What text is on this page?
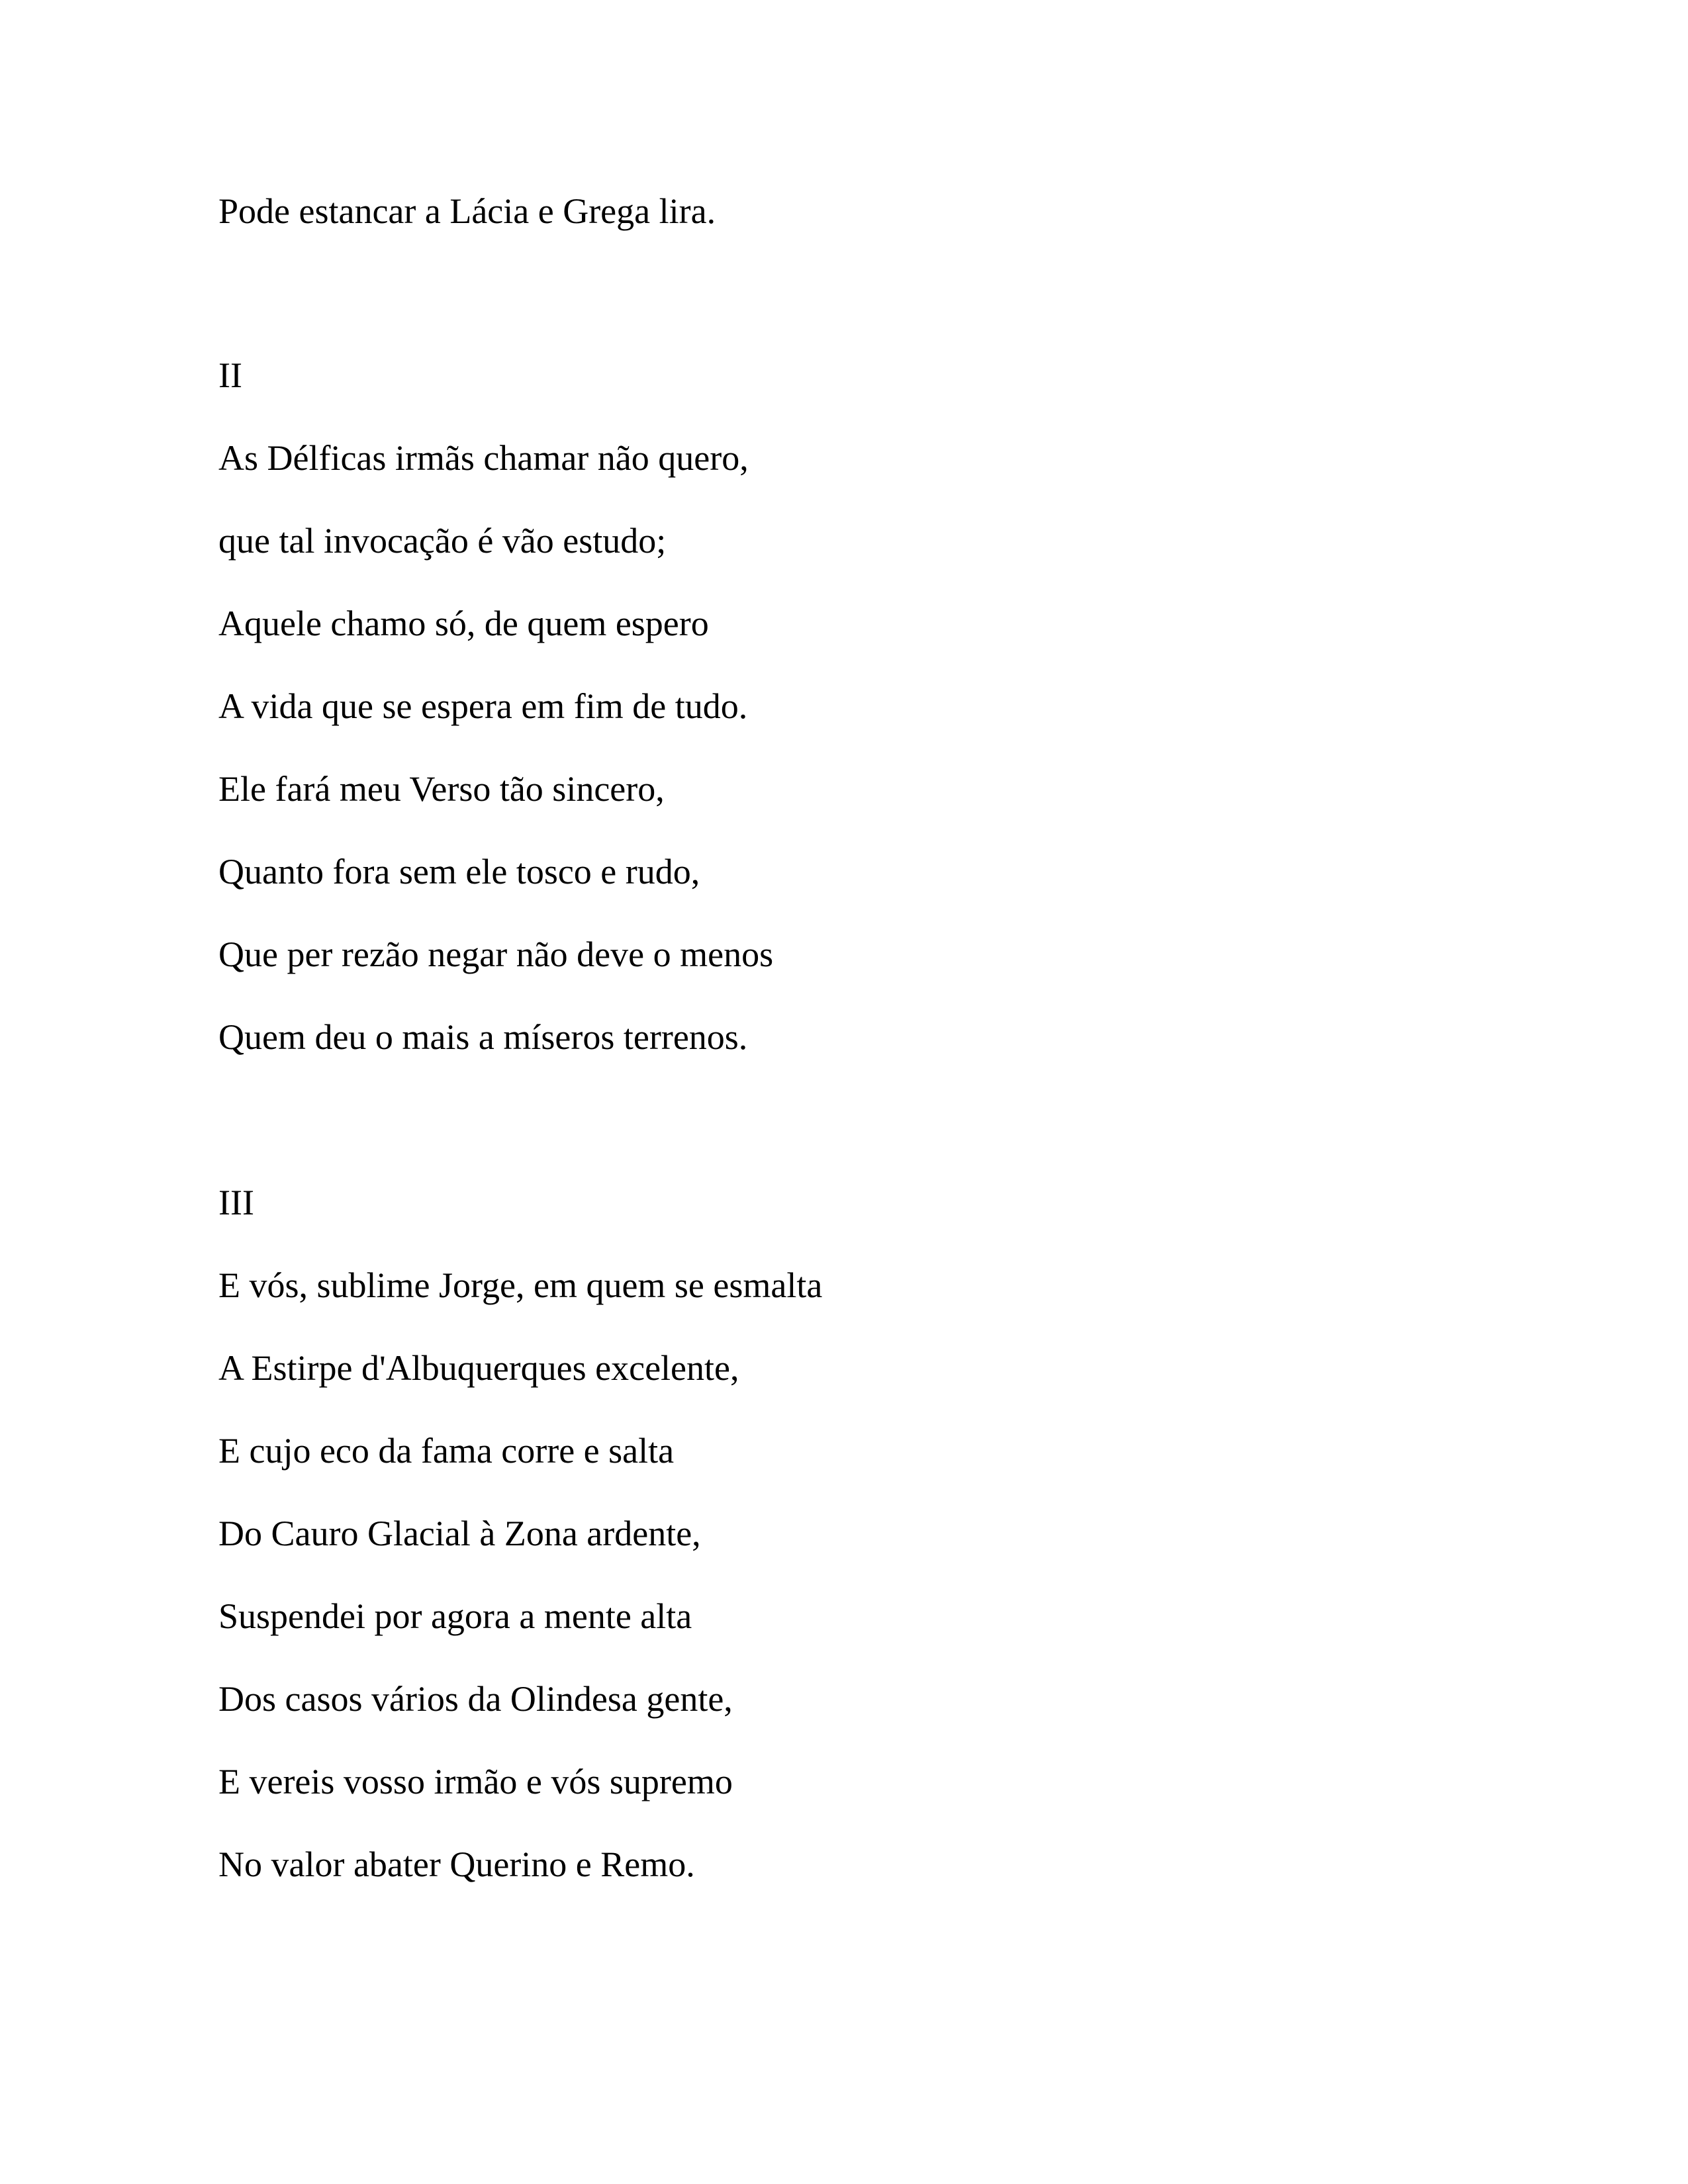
Pode estancar a Lácia e Grega lira.
II
As Délficas irmãs chamar não quero,
que tal invocação é vão estudo;
Aquele chamo só, de quem espero
A vida que se espera em fim de tudo.
Ele fará meu Verso tão sincero,
Quanto fora sem ele tosco e rudo,
Que per rezão negar não deve o menos
Quem deu o mais a míseros terrenos.
III
E vós, sublime Jorge, em quem se esmalta
A Estirpe d'Albuquerques excelente,
E cujo eco da fama corre e salta
Do Cauro Glacial à Zona ardente,
Suspendei por agora a mente alta
Dos casos vários da Olindesa gente,
E vereis vosso irmão e vós supremo
No valor abater Querino e Remo.
